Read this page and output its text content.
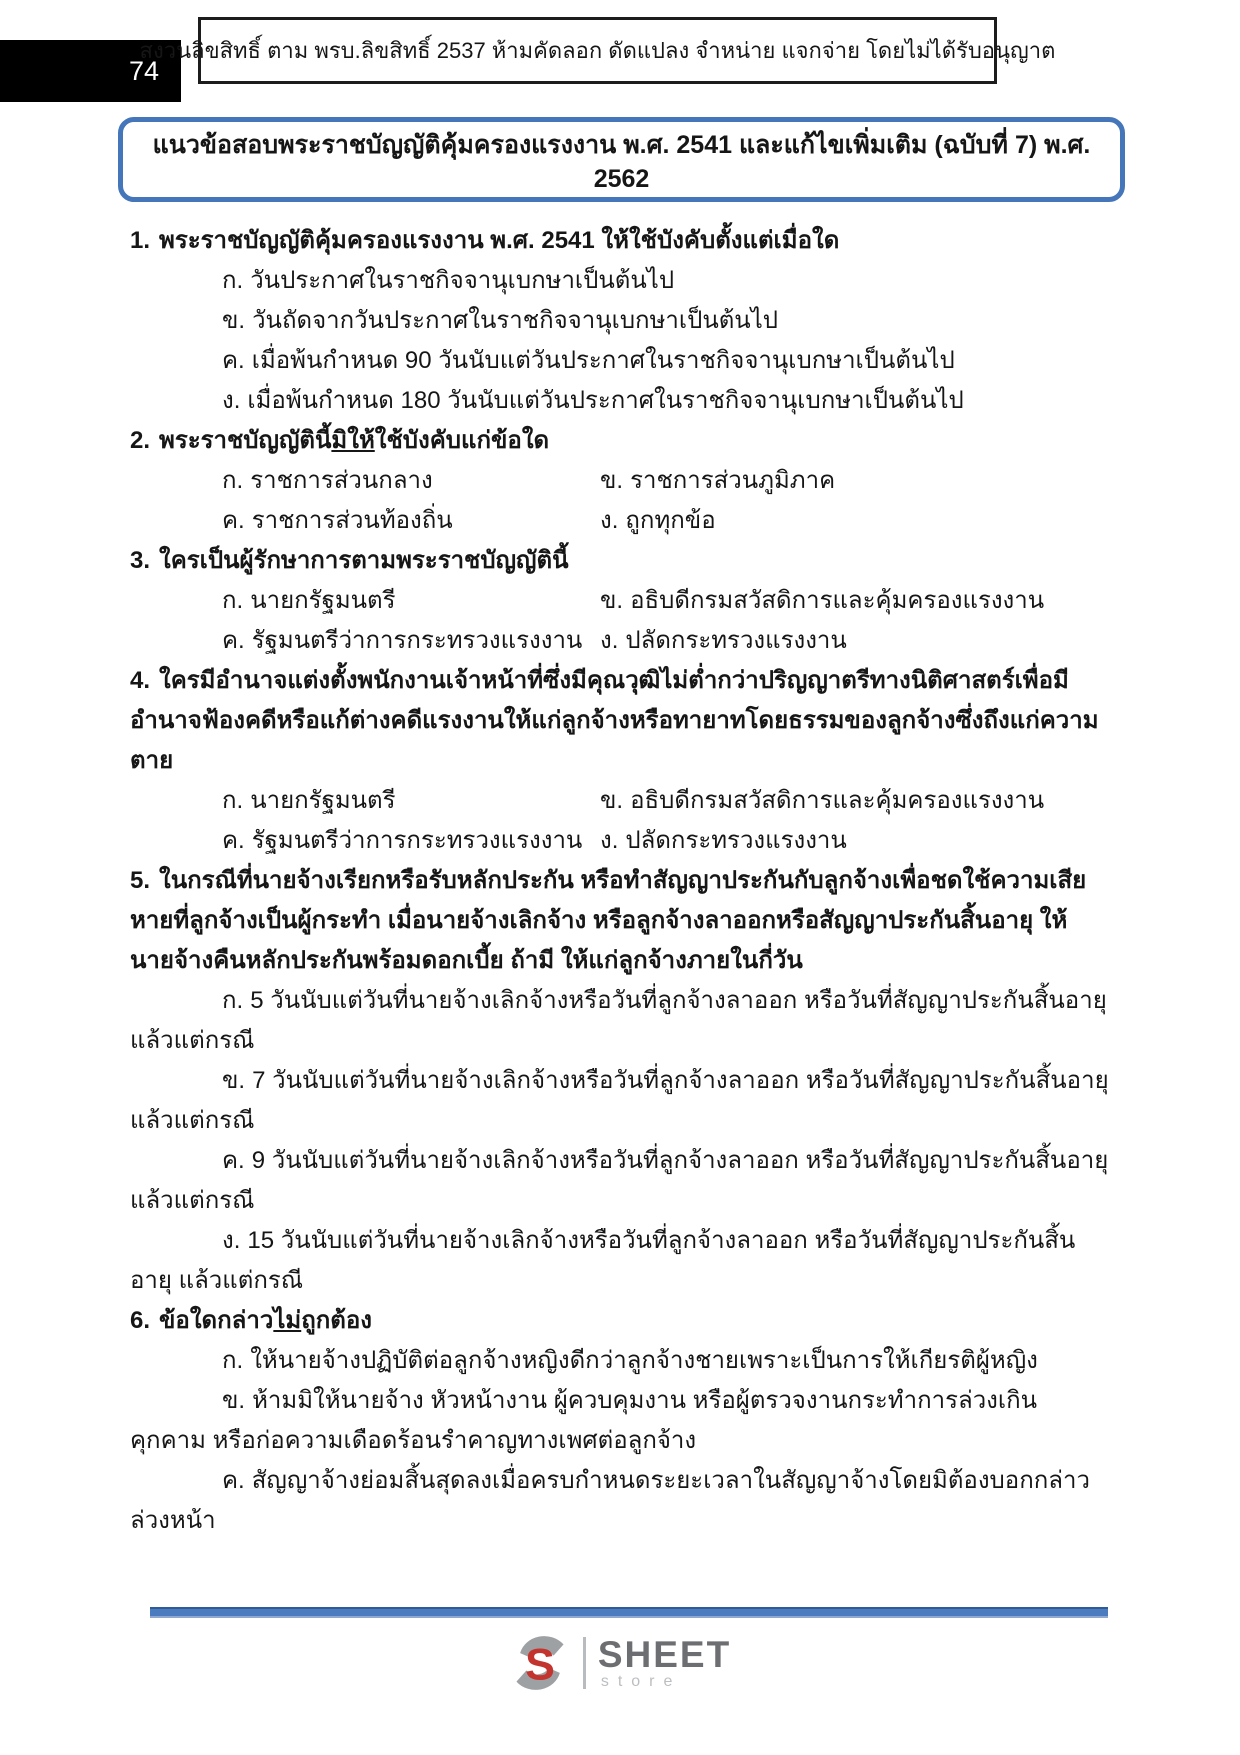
74
สงวนลิขสิทธิ์ ตาม พรบ.ลิขสิทธิ์ 2537 ห้ามคัดลอก ดัดแปลง จำหน่าย แจกจ่าย โดยไม่ได้รับอนุญาต
แนวข้อสอบพระราชบัญญัติคุ้มครองแรงงาน พ.ศ. 2541 และแก้ไขเพิ่มเติม (ฉบับที่ 7) พ.ศ. 2562

1. พระราชบัญญัติคุ้มครองแรงงาน พ.ศ. 2541 ให้ใช้บังคับตั้งแต่เมื่อใด

ก. วันประกาศในราชกิจจานุเบกษาเป็นต้นไป

ข. วันถัดจากวันประกาศในราชกิจจานุเบกษาเป็นต้นไป

ค. เมื่อพ้นกำหนด 90 วันนับแต่วันประกาศในราชกิจจานุเบกษาเป็นต้นไป

ง. เมื่อพ้นกำหนด 180 วันนับแต่วันประกาศในราชกิจจานุเบกษาเป็นต้นไป

2. พระราชบัญญัตินี้มิให้ใช้บังคับแก่ข้อใด

ก. ราชการส่วนกลาง	ข. ราชการส่วนภูมิภาค

ค. ราชการส่วนท้องถิ่น	ง. ถูกทุกข้อ

3. ใครเป็นผู้รักษาการตามพระราชบัญญัตินี้

ก. นายกรัฐมนตรี	ข. อธิบดีกรมสวัสดิการและคุ้มครองแรงงาน

ค. รัฐมนตรีว่าการกระทรวงแรงงาน ง. ปลัดกระทรวงแรงงาน

4. ใครมีอำนาจแต่งตั้งพนักงานเจ้าหน้าที่ซึ่งมีคุณวุฒิไม่ต่ำกว่าปริญญาตรีทางนิติศาสตร์เพื่อมีอำนาจฟ้องคดีหรือแก้ต่างคดีแรงงานให้แก่ลูกจ้างหรือทายาทโดยธรรมของลูกจ้างซึ่งถึงแก่ความตาย

ก. นายกรัฐมนตรี	ข. อธิบดีกรมสวัสดิการและคุ้มครองแรงงาน

ค. รัฐมนตรีว่าการกระทรวงแรงงาน ง. ปลัดกระทรวงแรงงาน

5. ในกรณีที่นายจ้างเรียกหรือรับหลักประกัน หรือทำสัญญาประกันกับลูกจ้างเพื่อชดใช้ความเสียหายที่ลูกจ้างเป็นผู้กระทำ เมื่อนายจ้างเลิกจ้าง หรือลูกจ้างลาออกหรือสัญญาประกันสิ้นอายุ ให้นายจ้างคืนหลักประกันพร้อมดอกเบี้ย ถ้ามี ให้แก่ลูกจ้างภายในกี่วัน

ก. 5 วันนับแต่วันที่นายจ้างเลิกจ้างหรือวันที่ลูกจ้างลาออก หรือวันที่สัญญาประกันสิ้นอายุ แล้วแต่กรณี

ข. 7 วันนับแต่วันที่นายจ้างเลิกจ้างหรือวันที่ลูกจ้างลาออก หรือวันที่สัญญาประกันสิ้นอายุ แล้วแต่กรณี

ค. 9 วันนับแต่วันที่นายจ้างเลิกจ้างหรือวันที่ลูกจ้างลาออก หรือวันที่สัญญาประกันสิ้นอายุ แล้วแต่กรณี

ง. 15 วันนับแต่วันที่นายจ้างเลิกจ้างหรือวันที่ลูกจ้างลาออก หรือวันที่สัญญาประกันสิ้นอายุ แล้วแต่กรณี

6. ข้อใดกล่าวไม่ถูกต้อง

ก. ให้นายจ้างปฏิบัติต่อลูกจ้างหญิงดีกว่าลูกจ้างชายเพราะเป็นการให้เกียรติผู้หญิง

ข. ห้ามมิให้นายจ้าง หัวหน้างาน ผู้ควบคุมงาน หรือผู้ตรวจงานกระทำการล่วงเกิน คุกคาม หรือก่อความเดือดร้อนรำคาญทางเพศต่อลูกจ้าง

ค. สัญญาจ้างย่อมสิ้นสุดลงเมื่อครบกำหนดระยะเวลาในสัญญาจ้างโดยมิต้องบอกกล่าวล่วงหน้า

S SHEET
store
